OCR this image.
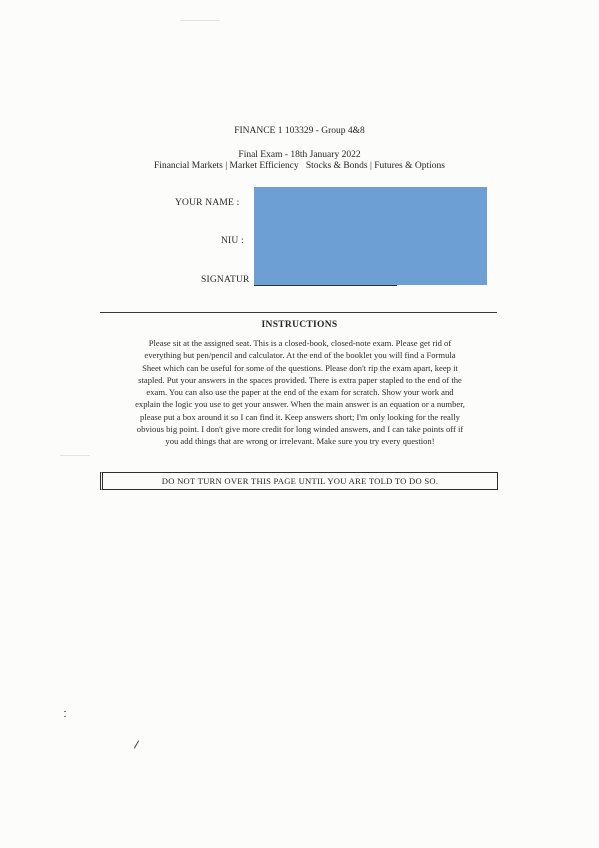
FINANCE 1 103329 - Group 4&8
Final Exam - 18th January 2022
Financial Markets | Market Efficiency   Stocks & Bonds | Futures & Options
YOUR NAME :
NIU :
SIGNATUR
INSTRUCTIONS
Please sit at the assigned seat. This is a closed-book, closed-note exam. Please get rid of
everything but pen/pencil and calculator. At the end of the booklet you will find a Formula
Sheet which can be useful for some of the questions. Please don't rip the exam apart, keep it
stapled. Put your answers in the spaces provided. There is extra paper stapled to the end of the
exam. You can also use the paper at the end of the exam for scratch. Show your work and
explain the logic you use to get your answer. When the main answer is an equation or a number,
please put a box around it so I can find it. Keep answers short; I'm only looking for the really
obvious big point. I don't give more credit for long winded answers, and I can take points off if
you add things that are wrong or irrelevant. Make sure you try every question!
DO NOT TURN OVER THIS PAGE UNTIL YOU ARE TOLD TO DO SO.
